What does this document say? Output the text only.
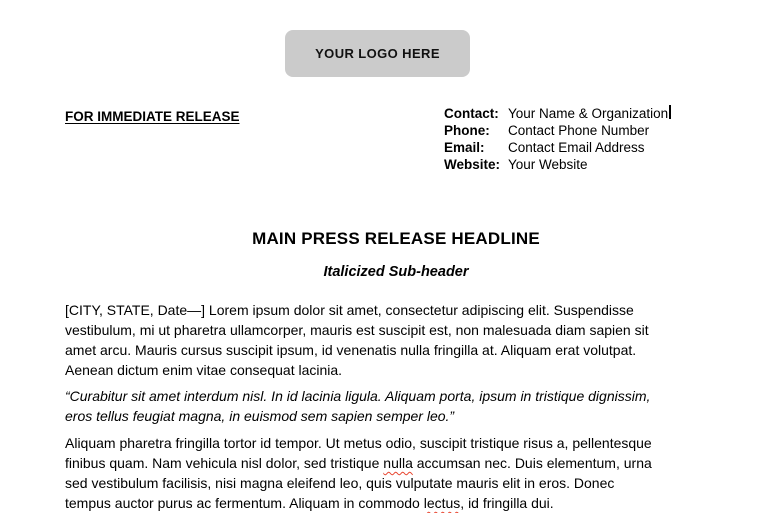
YOUR LOGO HERE
FOR IMMEDIATE RELEASE	Contact: Your Name & Organization
Phone:	Contact Phone Number
Email:	Contact Email Address
Website: Your Website
MAIN PRESS RELEASE HEADLINE
Italicized Sub-header
[CITY, STATE, Date—] Lorem ipsum dolor sit amet, consectetur adipiscing elit. Suspendisse
vestibulum, mi ut pharetra ullamcorper, mauris est suscipit est, non malesuada diam sapien sit
amet arcu. Mauris cursus suscipit ipsum, id venenatis nulla fringilla at. Aliquam erat volutpat.
Aenean dictum enim vitae consequat lacinia.
“Curabitur sit amet interdum nisl. In id lacinia ligula. Aliquam porta, ipsum in tristique dignissim,
eros tellus feugiat magna, in euismod sem sapien semper leo.”
Aliquam pharetra fringilla tortor id tempor. Ut metus odio, suscipit tristique risus a, pellentesque
finibus quam. Nam vehicula nisl dolor, sed tristique nulla accumsan nec. Duis elementum, urna
sed vestibulum facilisis, nisi magna eleifend leo, quis vulputate mauris elit in eros. Donec
tempus auctor purus ac fermentum. Aliquam in commodo lectus, id fringilla dui.
